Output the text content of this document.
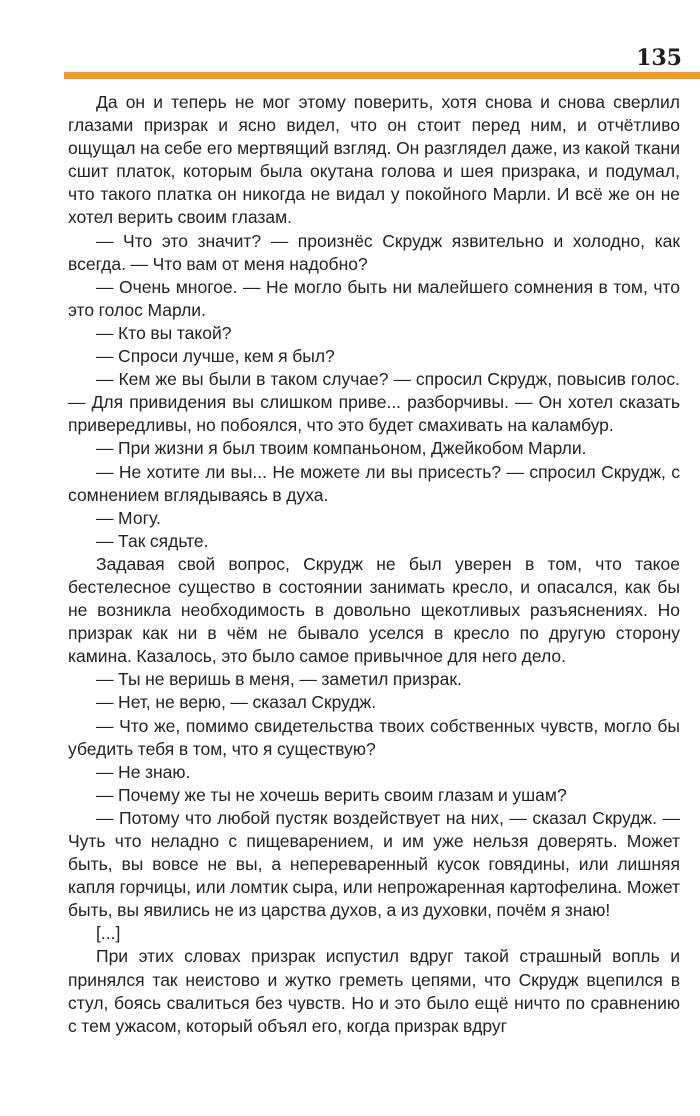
135

Да он и теперь не мог этому поверить, хотя снова и снова сверлил глазами призрак и ясно видел, что он стоит перед ним, и отчётливо ощущал на себе его мертвящий взгляд. Он разглядел даже, из какой ткани сшит платок, которым была окутана голова и шея призрака, и подумал, что такого платка он никогда не видал у покойного Марли. И всё же он не хотел верить своим глазам.

— Что это значит? — произнёс Скрудж язвительно и холодно, как всегда. — Что вам от меня надобно?

— Очень многое. — Не могло быть ни малейшего сомнения в том, что это голос Марли.

— Кто вы такой?

— Спроси лучше, кем я был?

— Кем же вы были в таком случае? — спросил Скрудж, повысив голос. — Для привидения вы слишком приве... разборчивы. — Он хотел сказать привередливы, но побоялся, что это будет смахивать на каламбур.

— При жизни я был твоим компаньоном, Джейкобом Марли.

— Не хотите ли вы... Не можете ли вы присесть? — спросил Скрудж, с сомнением вглядываясь в духа.

— Могу.

— Так сядьте.

Задавая свой вопрос, Скрудж не был уверен в том, что такое бестелесное существо в состоянии занимать кресло, и опасался, как бы не возникла необходимость в довольно щекотливых разъяснениях. Но призрак как ни в чём не бывало уселся в кресло по другую сторону камина. Казалось, это было самое привычное для него дело.

— Ты не веришь в меня, — заметил призрак.

— Нет, не верю, — сказал Скрудж.

— Что же, помимо свидетельства твоих собственных чувств, могло бы убедить тебя в том, что я существую?

— Не знаю.

— Почему же ты не хочешь верить своим глазам и ушам?

— Потому что любой пустяк воздействует на них, — сказал Скрудж. — Чуть что неладно с пищеварением, и им уже нельзя доверять. Может быть, вы вовсе не вы, а непереваренный кусок говядины, или лишняя капля горчицы, или ломтик сыра, или непрожаренная картофелина. Может быть, вы явились не из царства духов, а из духовки, почём я знаю!

[...]

При этих словах призрак испустил вдруг такой страшный вопль и принялся так неистово и жутко греметь цепями, что Скрудж вцепился в стул, боясь свалиться без чувств. Но и это было ещё ничто по сравнению с тем ужасом, который объял его, когда призрак вдруг
